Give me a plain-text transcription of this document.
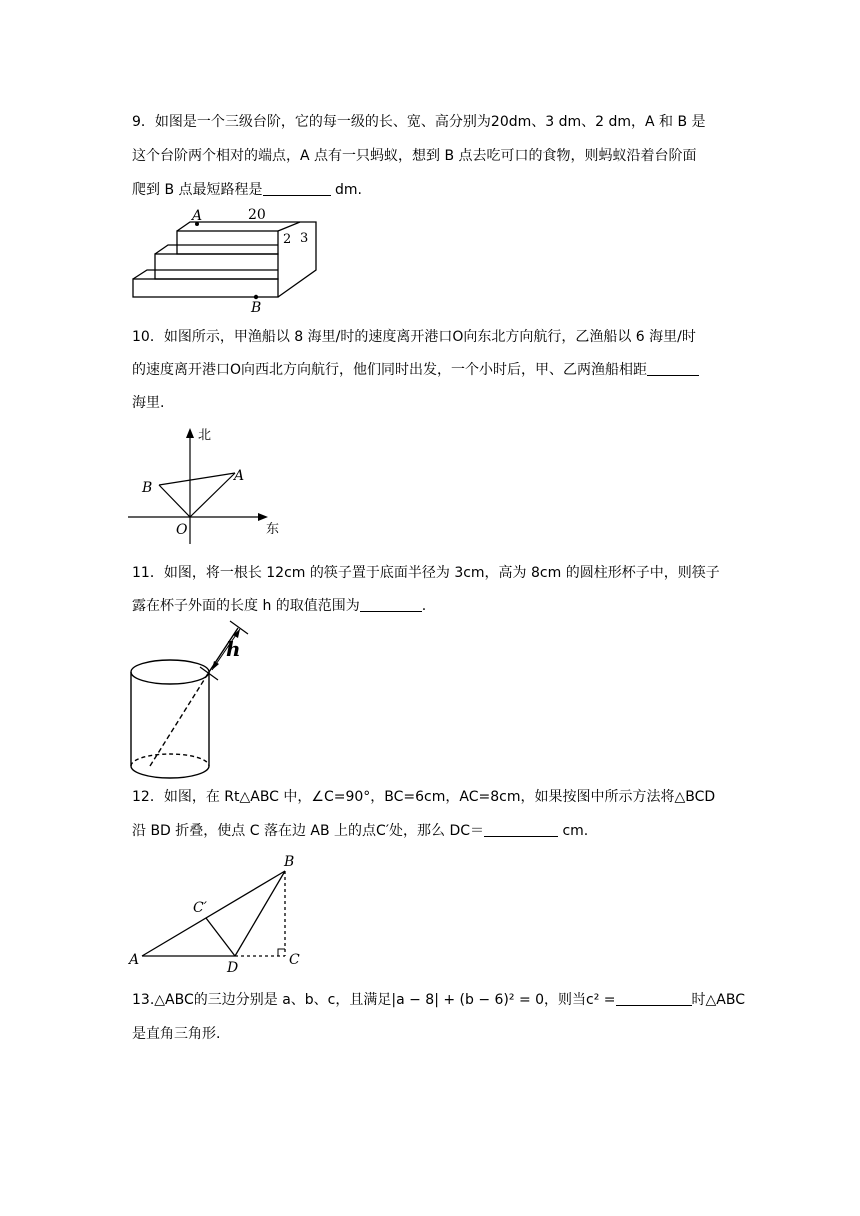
9．如图是一个三级台阶，它的每一级的长、宽、高分别为20dm、3 dm、2 dm，A 和 B 是
这个台阶两个相对的端点，A 点有一只蚂蚁，想到 B 点去吃可口的食物，则蚂蚁沿着台阶面
爬到 B 点最短路程是	dm.
A	20
2 3
B
10．如图所示，甲渔船以 8 海里/时的速度离开港口O向东北方向航行，乙渔船以 6 海里/时
的速度离开港口O向西北方向航行，他们同时出发，一个小时后，甲、乙两渔船相距
海里.
北
东
A
B
O
11．如图，将一根长 12cm 的筷子置于底面半径为 3cm，高为 8cm 的圆柱形杯子中，则筷子
露在杯子外面的长度 h 的取值范围为	.
h
12．如图，在 Rt△ABC 中，∠C=90°，BC=6cm，AC=8cm，如果按图中所示方法将△BCD
沿 BD 折叠，使点 C 落在边 AB 上的点C′处，那么 DC＝	cm.
B
C′
A	D	C
13.△ABC的三边分别是 a、b、c，且满足|a − 8| + (b − 6)² = 0，则当c² =	时△ABC
是直角三角形.
